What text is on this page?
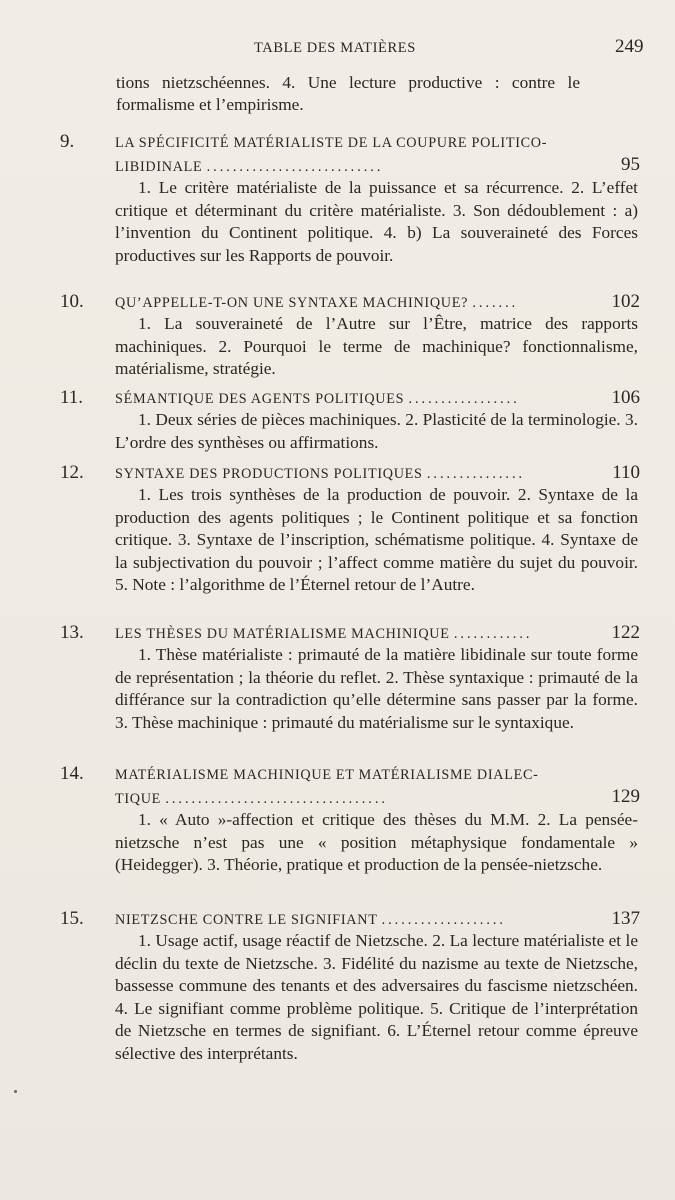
TABLE DES MATIÈRES	249
tions nietzschéennes. 4. Une lecture productive : contre le formalisme et l’empirisme.
9.	LA SPÉCIFICITÉ MATÉRIALISTE DE LA COUPURE POLITICO-
LIBIDINALE ...........................	95
1. Le critère matérialiste de la puissance et sa récurrence. 2. L’effet critique et déterminant du critère matérialiste. 3. Son dédoublement : a) l’invention du Continent politique. 4. b) La souveraineté des Forces productives sur les Rapports de pouvoir.
10.	QU’APPELLE-T-ON UNE SYNTAXE MACHINIQUE? .......	102
1. La souveraineté de l’Autre sur l’Être, matrice des rapports machiniques. 2. Pourquoi le terme de machinique? fonctionnalisme, matérialisme, stratégie.
11.	SÉMANTIQUE DES AGENTS POLITIQUES .................	106
1. Deux séries de pièces machiniques. 2. Plasticité de la terminologie. 3. L’ordre des synthèses ou affirmations.
12.	SYNTAXE DES PRODUCTIONS POLITIQUES ...............	110
1. Les trois synthèses de la production de pouvoir. 2. Syntaxe de la production des agents politiques ; le Continent politique et sa fonction critique. 3. Syntaxe de l’inscription, schématisme politique. 4. Syntaxe de la subjectivation du pouvoir ; l’affect comme matière du sujet du pouvoir. 5. Note : l’algorithme de l’Éternel retour de l’Autre.
13.	LES THÈSES DU MATÉRIALISME MACHINIQUE ............	122
1. Thèse matérialiste : primauté de la matière libidinale sur toute forme de représentation ; la théorie du reflet. 2. Thèse syntaxique : primauté de la différance sur la contradiction qu’elle détermine sans passer par la forme. 3. Thèse machinique : primauté du matérialisme sur le syntaxique.
14.	MATÉRIALISME MACHINIQUE ET MATÉRIALISME DIALEC-
TIQUE ..................................	129
1. « Auto »-affection et critique des thèses du M.M. 2. La pensée-nietzsche n’est pas une « position métaphysique fondamentale » (Heidegger). 3. Théorie, pratique et production de la pensée-nietzsche.
15.	NIETZSCHE CONTRE LE SIGNIFIANT ...................	137
1. Usage actif, usage réactif de Nietzsche. 2. La lecture matérialiste et le déclin du texte de Nietzsche. 3. Fidélité du nazisme au texte de Nietzsche, bassesse commune des tenants et des adversaires du fascisme nietzschéen. 4. Le signifiant comme problème politique. 5. Critique de l’interprétation de Nietzsche en termes de signifiant. 6. L’Éternel retour comme épreuve sélective des interprétants.
